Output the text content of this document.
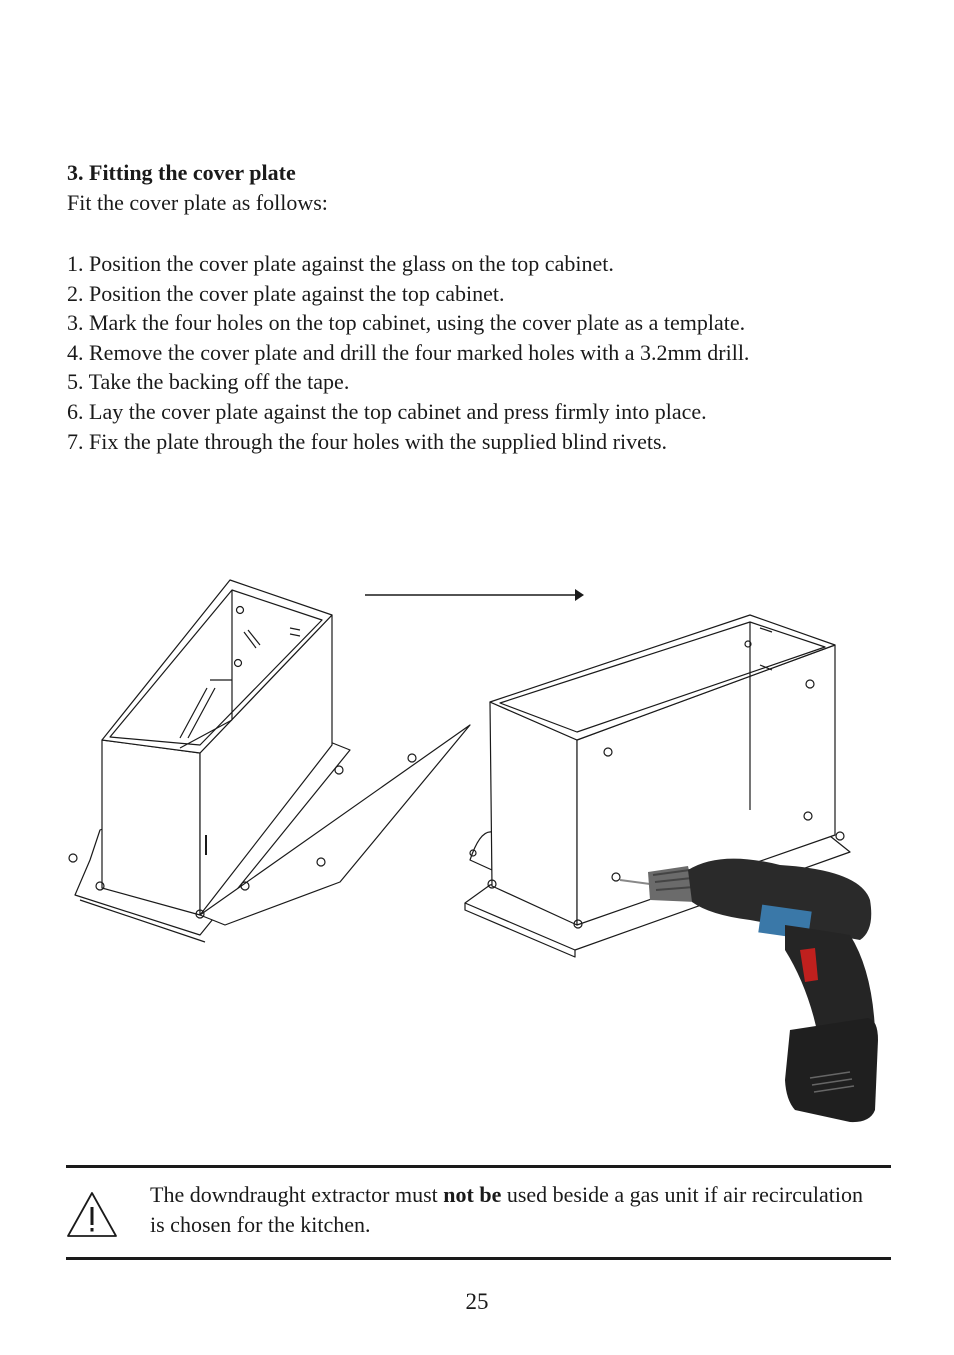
3. Fitting the cover plate
Fit the cover plate as follows:
1. Position the cover plate against the glass on the top cabinet.
2. Position the cover plate against the top cabinet.
3. Mark the four holes on the top cabinet, using the cover plate as a template.
4. Remove the cover plate and drill the four marked holes with a 3.2mm drill.
5. Take the backing off the tape.
6. Lay the cover plate against the top cabinet and press firmly into place.
7. Fix the plate through the four holes with the supplied blind rivets.
The downdraught extractor must not be used beside a gas unit if air recirculation is chosen for the kitchen.
25
